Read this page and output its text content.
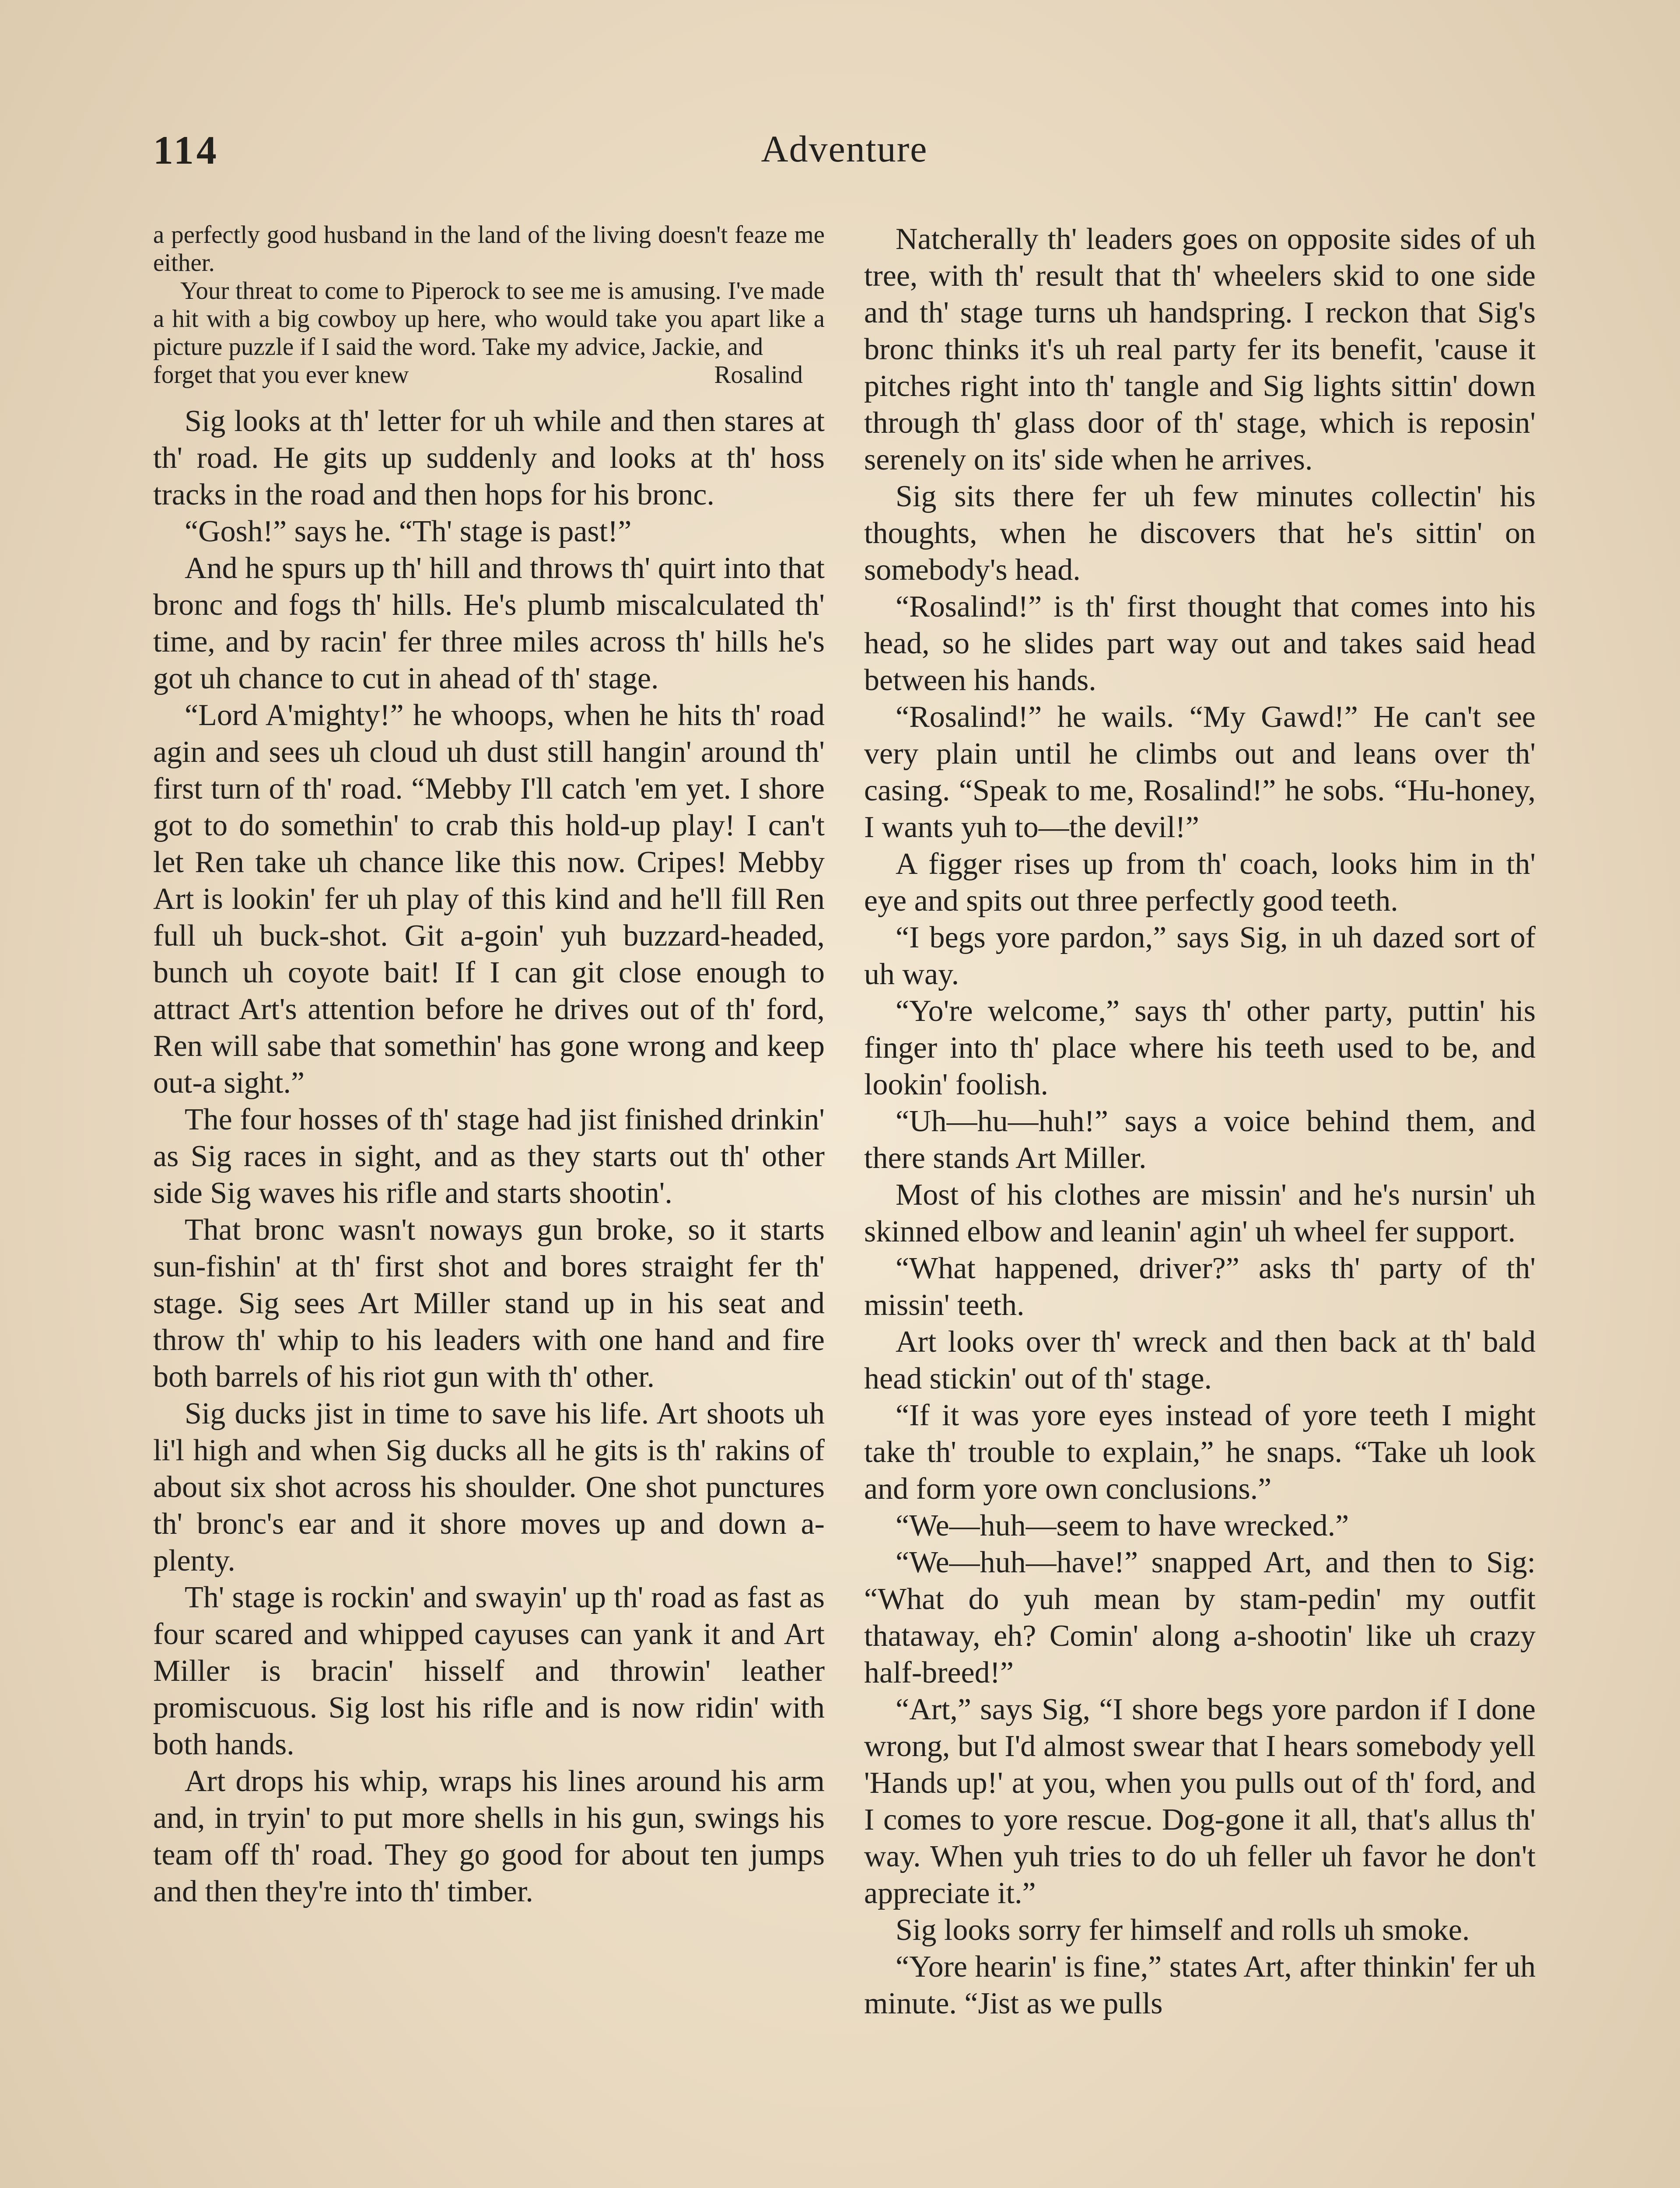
114	Adventure

a perfectly good husband in the land of the living doesn't feaze me either.

Your threat to come to Piperock to see me is amusing. I've made a hit with a big cowboy up here, who would take you apart like a picture puzzle if I said the word. Take my advice, Jackie, and

forget that you ever knew	Rosalind

Sig looks at th' letter for uh while and then stares at th' road. He gits up suddenly and looks at th' hoss tracks in the road and then hops for his bronc.

“Gosh!” says he. “Th' stage is past!”

And he spurs up th' hill and throws th' quirt into that bronc and fogs th' hills. He's plumb miscalculated th' time, and by racin' fer three miles across th' hills he's got uh chance to cut in ahead of th' stage.

“Lord A'mighty!” he whoops, when he hits th' road agin and sees uh cloud uh dust still hangin' around th' first turn of th' road. “Mebby I'll catch 'em yet. I shore got to do somethin' to crab this hold-up play! I can't let Ren take uh chance like this now. Cripes! Mebby Art is lookin' fer uh play of this kind and he'll fill Ren full uh buck-shot. Git a-goin' yuh buzzard-headed, bunch uh coyote bait! If I can git close enough to attract Art's attention before he drives out of th' ford, Ren will sabe that somethin' has gone wrong and keep out-a sight.”

The four hosses of th' stage had jist finished drinkin' as Sig races in sight, and as they starts out th' other side Sig waves his rifle and starts shootin'.

That bronc wasn't noways gun broke, so it starts sun-fishin' at th' first shot and bores straight fer th' stage. Sig sees Art Miller stand up in his seat and throw th' whip to his leaders with one hand and fire both barrels of his riot gun with th' other.

Sig ducks jist in time to save his life. Art shoots uh li'l high and when Sig ducks all he gits is th' rakins of about six shot across his shoulder. One shot punctures th' bronc's ear and it shore moves up and down a-plenty.

Th' stage is rockin' and swayin' up th' road as fast as four scared and whipped cayuses can yank it and Art Miller is bracin' hisself and throwin' leather promiscuous. Sig lost his rifle and is now ridin' with both hands.

Art drops his whip, wraps his lines around his arm and, in tryin' to put more shells in his gun, swings his team off th' road. They go good for about ten jumps and then they're into th' timber.

Natcherally th' leaders goes on opposite sides of uh tree, with th' result that th' wheelers skid to one side and th' stage turns uh handspring. I reckon that Sig's bronc thinks it's uh real party fer its benefit, 'cause it pitches right into th' tangle and Sig lights sittin' down through th' glass door of th' stage, which is reposin' serenely on its' side when he arrives.

Sig sits there fer uh few minutes collectin' his thoughts, when he discovers that he's sittin' on somebody's head.

“Rosalind!” is th' first thought that comes into his head, so he slides part way out and takes said head between his hands.

“Rosalind!” he wails. “My Gawd!” He can't see very plain until he climbs out and leans over th' casing. “Speak to me, Rosalind!” he sobs. “Hu-honey, I wants yuh to—the devil!”

A figger rises up from th' coach, looks him in th' eye and spits out three perfectly good teeth.

“I begs yore pardon,” says Sig, in uh dazed sort of uh way.

“Yo're welcome,” says th' other party, puttin' his finger into th' place where his teeth used to be, and lookin' foolish.

“Uh—hu—huh!” says a voice behind them, and there stands Art Miller.

Most of his clothes are missin' and he's nursin' uh skinned elbow and leanin' agin' uh wheel fer support.

“What happened, driver?” asks th' party of th' missin' teeth.

Art looks over th' wreck and then back at th' bald head stickin' out of th' stage.

“If it was yore eyes instead of yore teeth I might take th' trouble to explain,” he snaps. “Take uh look and form yore own conclusions.”

“We—huh—seem to have wrecked.”

“We—huh—have!” snapped Art, and then to Sig: “What do yuh mean by stam-pedin' my outfit thataway, eh? Comin' along a-shootin' like uh crazy half-breed!”

“Art,” says Sig, “I shore begs yore pardon if I done wrong, but I'd almost swear that I hears somebody yell 'Hands up!' at you, when you pulls out of th' ford, and I comes to yore rescue. Dog-gone it all, that's allus th' way. When yuh tries to do uh feller uh favor he don't appreciate it.”

Sig looks sorry fer himself and rolls uh smoke.

“Yore hearin' is fine,” states Art, after thinkin' fer uh minute. “Jist as we pulls
